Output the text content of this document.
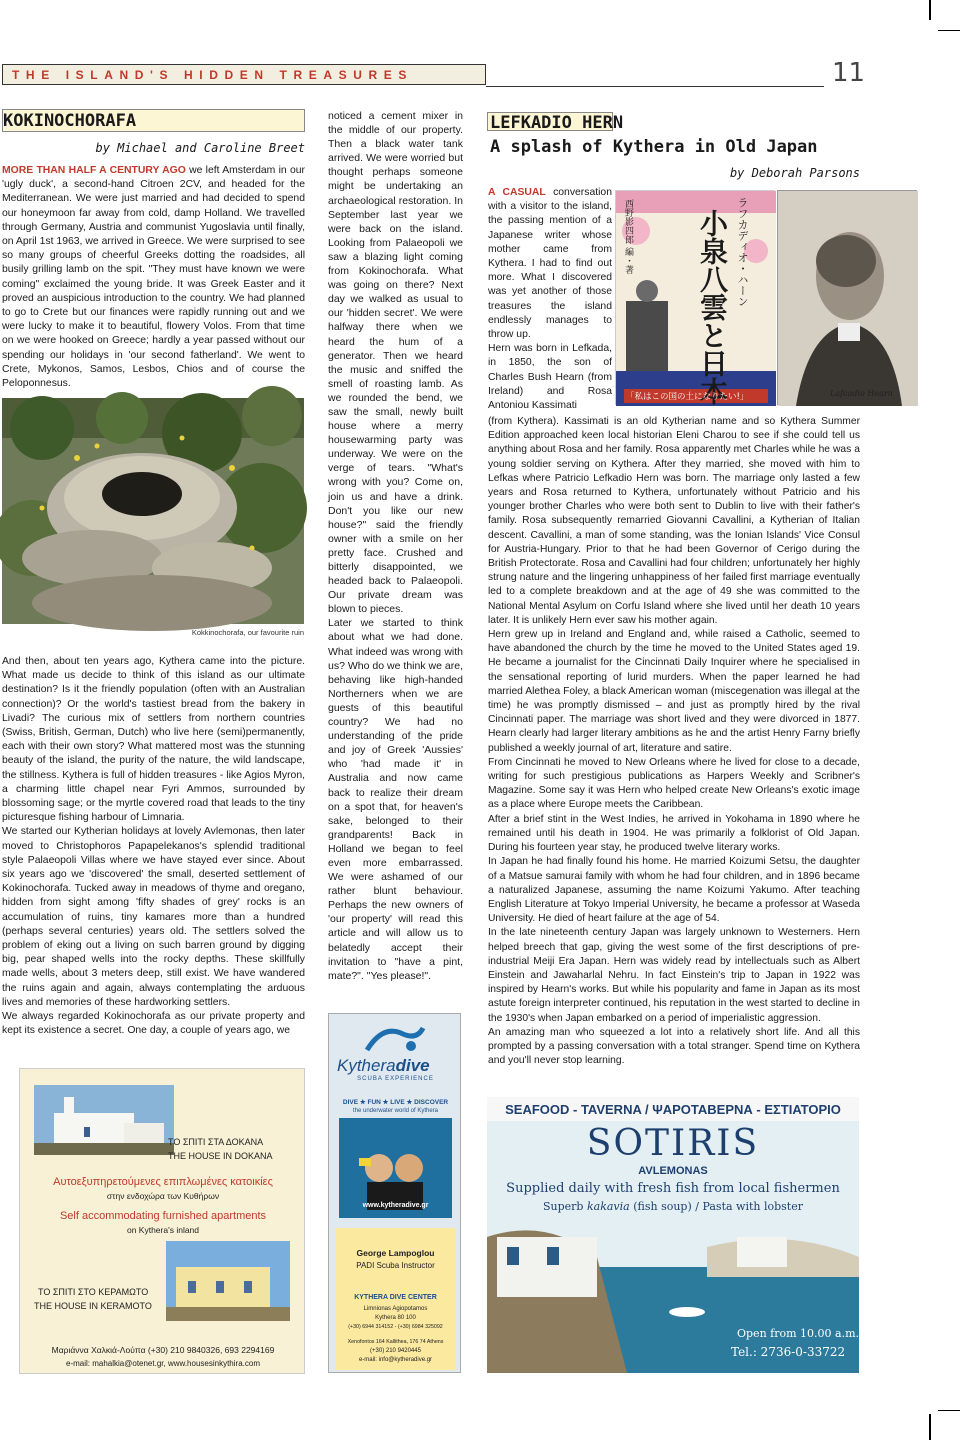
THE ISLAND'S HIDDEN TREASURES	11
KOKINOCHORAFA
by Michael and Caroline Breet

MORE THAN HALF A CENTURY AGO we left Amsterdam in our 'ugly duck', a second-hand Citroen 2CV, and headed for the Mediterranean. We were just married and had decided to spend our honeymoon far away from cold, damp Holland. We travelled through Germany, Austria and communist Yugoslavia until finally, on April 1st 1963, we arrived in Greece. We were surprised to see so many groups of cheerful Greeks dotting the roadsides, all busily grilling lamb on the spit. "They must have known we were coming" exclaimed the young bride. It was Greek Easter and it proved an auspicious introduction to the country. We had planned to go to Crete but our finances were rapidly running out and we were lucky to make it to beautiful, flowery Volos. From that time on we were hooked on Greece; hardly a year passed without our spending our holidays in 'our second fatherland'. We went to Crete, Mykonos, Samos, Lesbos, Chios and of course the Peloponnesus.

Kokkinochorafa, our favourite ruin

And then, about ten years ago, Kythera came into the picture. What made us decide to think of this island as our ultimate destination? Is it the friendly population (often with an Australian connection)? Or the world's tastiest bread from the bakery in Livadi? The curious mix of settlers from northern countries (Swiss, British, German, Dutch) who live here (semi)permanently, each with their own story? What mattered most was the stunning beauty of the island, the purity of the nature, the wild landscape, the stillness. Kythera is full of hidden treasures - like Agios Myron, a charming little chapel near Fyri Ammos, surrounded by blossoming sage; or the myrtle covered road that leads to the tiny picturesque fishing harbour of Limnaria.

We started our Kytherian holidays at lovely Avlemonas, then later moved to Christophoros Papapelekanos's splendid traditional style Palaeopoli Villas where we have stayed ever since. About six years ago we 'discovered' the small, deserted settlement of Kokinochorafa. Tucked away in meadows of thyme and oregano, hidden from sight among 'fifty shades of grey' rocks is an accumulation of ruins, tiny kamares more than a hundred (perhaps several centuries) years old. The settlers solved the problem of eking out a living on such barren ground by digging big, pear shaped wells into the rocky depths. These skillfully made wells, about 3 meters deep, still exist. We have wandered the ruins again and again, always contemplating the arduous lives and memories of these hardworking settlers.

We always regarded Kokinochorafa as our private property and kept its existence a secret. One day, a couple of years ago, we

noticed a cement mixer in the middle of our property. Then a black water tank arrived. We were worried but thought perhaps someone might be undertaking an archaeological restoration. In September last year we were back on the island. Looking from Palaeopoli we saw a blazing light coming from Kokinochorafa. What was going on there? Next day we walked as usual to our 'hidden secret'. We were halfway there when we heard the hum of a generator. Then we heard the music and sniffed the smell of roasting lamb. As we rounded the bend, we saw the small, newly built house where a merry housewarming party was underway. We were on the verge of tears. "What's wrong with you? Come on, join us and have a drink. Don't you like our new house?" said the friendly owner with a smile on her pretty face. Crushed and bitterly disappointed, we headed back to Palaeopoli. Our private dream was blown to pieces.

Later we started to think about what we had done. What indeed was wrong with us? Who do we think we are, behaving like high-handed Northerners when we are guests of this beautiful country? We had no understanding of the pride and joy of Greek 'Aussies' who 'had made it' in Australia and now came back to realize their dream on a spot that, for heaven's sake, belonged to their grandparents! Back in Holland we began to feel even more embarrassed. We were ashamed of our rather blunt behaviour. Perhaps the new owners of 'our property' will read this article and will allow us to belatedly accept their invitation to "have a pint, mate?". "Yes please!".

LEFKADIO HERN
A splash of Kythera in Old Japan
by Deborah Parsons

A CASUAL conversation with a visitor to the island, the passing mention of a Japanese writer whose mother came from Kythera. I had to find out more. What I discovered was yet another of those treasures the island endlessly manages to throw up.

Hern was born in Lefkada, in 1850, the son of Charles Bush Hearn (from Ireland) and Rosa Antoniou Kassimati

ラフカディオ・ハーン
小泉八雲と日本
西野影四郎 編・著
「私はこの国の土になりたい!」	Lafcadio Hearn

(from Kythera). Kassimati is an old Kytherian name and so Kythera Summer Edition approached keen local historian Eleni Charou to see if she could tell us anything about Rosa and her family. Rosa apparently met Charles while he was a young soldier serving on Kythera. After they married, she moved with him to Lefkas where Patricio Lefkadio Hern was born. The marriage only lasted a few years and Rosa returned to Kythera, unfortunately without Patricio and his younger brother Charles who were both sent to Dublin to live with their father's family. Rosa subsequently remarried Giovanni Cavallini, a Kytherian of Italian descent. Cavallini, a man of some standing, was the Ionian Islands' Vice Consul for Austria-Hungary. Prior to that he had been Governor of Cerigo during the British Protectorate. Rosa and Cavallini had four children; unfortunately her highly strung nature and the lingering unhappiness of her failed first marriage eventually led to a complete breakdown and at the age of 49 she was committed to the National Mental Asylum on Corfu Island where she lived until her death 10 years later. It is unlikely Hern ever saw his mother again.

Hern grew up in Ireland and England and, while raised a Catholic, seemed to have abandoned the church by the time he moved to the United States aged 19. He became a journalist for the Cincinnati Daily Inquirer where he specialised in the sensational reporting of lurid murders. When the paper learned he had married Alethea Foley, a black American woman (miscegenation was illegal at the time) he was promptly dismissed – and just as promptly hired by the rival Cincinnati paper. The marriage was short lived and they were divorced in 1877. Hearn clearly had larger literary ambitions as he and the artist Henry Farny briefly published a weekly journal of art, literature and satire.

From Cincinnati he moved to New Orleans where he lived for close to a decade, writing for such prestigious publications as Harpers Weekly and Scribner's Magazine. Some say it was Hern who helped create New Orleans's exotic image as a place where Europe meets the Caribbean.

After a brief stint in the West Indies, he arrived in Yokohama in 1890 where he remained until his death in 1904. He was primarily a folklorist of Old Japan. During his fourteen year stay, he produced twelve literary works.

In Japan he had finally found his home. He married Koizumi Setsu, the daughter of a Matsue samurai family with whom he had four children, and in 1896 became a naturalized Japanese, assuming the name Koizumi Yakumo. After teaching English Literature at Tokyo Imperial University, he became a professor at Waseda University. He died of heart failure at the age of 54.

In the late nineteenth century Japan was largely unknown to Westerners. Hern helped breech that gap, giving the west some of the first descriptions of pre-industrial Meiji Era Japan. Hern was widely read by intellectuals such as Albert Einstein and Jawaharlal Nehru. In fact Einstein's trip to Japan in 1922 was inspired by Hearn's works. But while his popularity and fame in Japan as its most astute foreign interpreter continued, his reputation in the west started to decline in the 1930's when Japan embarked on a period of imperialistic aggression.

An amazing man who squeezed a lot into a relatively short life. And all this prompted by a passing conversation with a total stranger. Spend time on Kythera and you'll never stop learning.

ΤΟ ΣΠΙΤΙ ΣΤΑ ΔΟΚΑΝΑ
THE HOUSE IN DOKANA
Αυτοεξυπηρετούμενες επιπλωμένες κατοικίες
στην ενδοχώρα των Κυθήρων
Self accommodating furnished apartments
on Kythera's inland
ΤΟ ΣΠΙΤΙ ΣΤΟ ΚΕΡΑΜΩΤΟ
THE HOUSE IN KERAMOTO
Μαριάννα Χαλκιά-Λούπα (+30) 210 9840326, 693 2294169
e-mail: mahalkia@otenet.gr, www.housesinkythira.com
Kytheradive
SCUBA EXPERIENCE
DIVE ★ FUN ★ LIVE ★ DISCOVER
the underwater world of Kythera
www.kytheradive.gr
George Lampoglou
PADI Scuba Instructor
KYTHERA DIVE CENTER
Limnionas Agiopotamos
Kythera 80 100
(+30) 6944 314152 - (+30) 6984 325092
Xenofontos 164 Kallithea, 176 74 Athens
(+30) 210 9420445
e-mail: info@kytheradive.gr
SEAFOOD - TAVERNA / ΨΑΡΟΤΑΒΕΡΝΑ - ΕΣΤΙΑΤΟΡΙΟ
SOTIRIS
AVLEMONAS
Supplied daily with fresh fish from local fishermen
Superb kakavia (fish soup) / Pasta with lobster
Open from 10.00 a.m.
Tel.: 2736-0-33722
